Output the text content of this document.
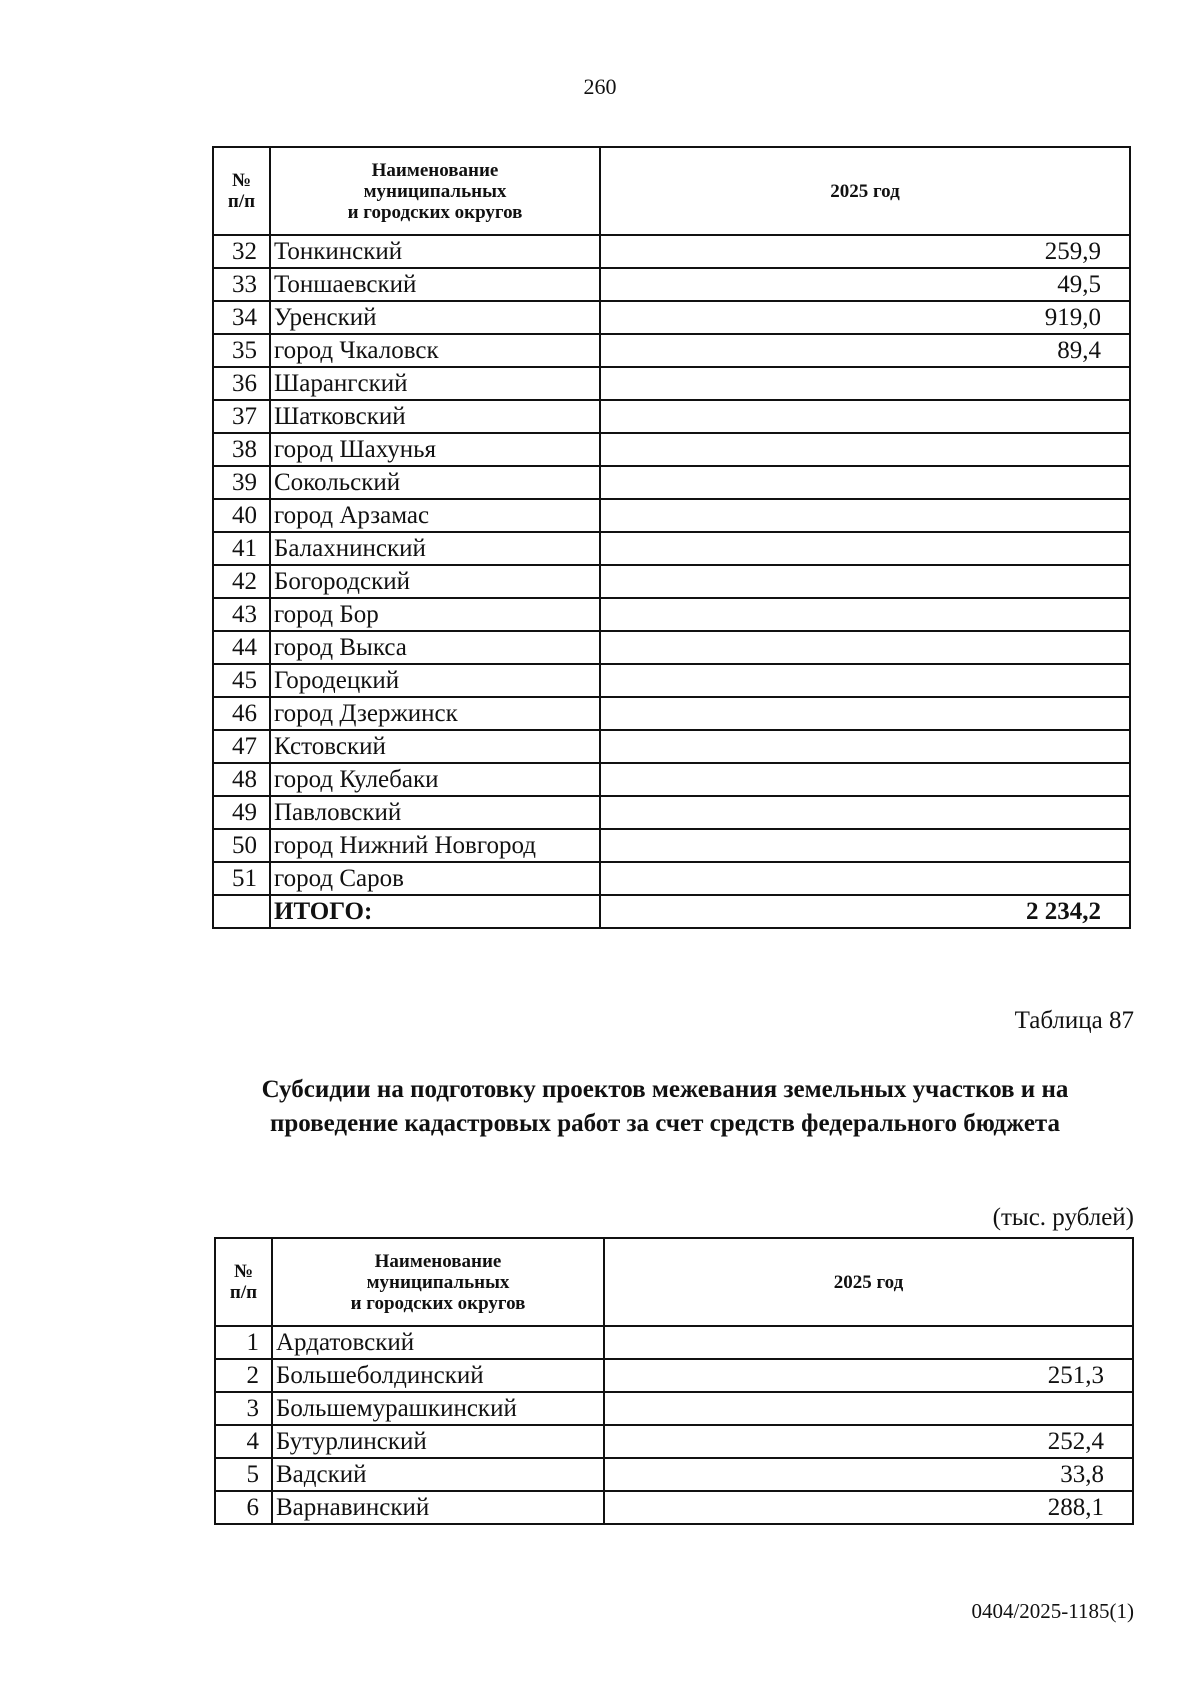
260
№
п/п	Наименование
муниципальных
и городских округов	2025 год
32	Тонкинский	259,9
33	Тоншаевский	49,5
34	Уренский	919,0
35	город Чкаловск	89,4
36	Шарангский	
37	Шатковский	
38	город Шахунья	
39	Сокольский	
40	город Арзамас	
41	Балахнинский	
42	Богородский	
43	город Бор	
44	город Выкса	
45	Городецкий	
46	город Дзержинск	
47	Кстовский	
48	город Кулебаки	
49	Павловский	
50	город Нижний Новгород	
51	город Саров	
	ИТОГО:	2 234,2
Таблица 87
Субсидии на подготовку проектов межевания земельных участков и на проведение кадастровых работ за счет средств федерального бюджета
(тыс. рублей)
№
п/п	Наименование
муниципальных
и городских округов	2025 год
1	Ардатовский	
2	Большеболдинский	251,3
3	Большемурашкинский	
4	Бутурлинский	252,4
5	Вадский	33,8
6	Варнавинский	288,1
0404/2025-1185(1)
